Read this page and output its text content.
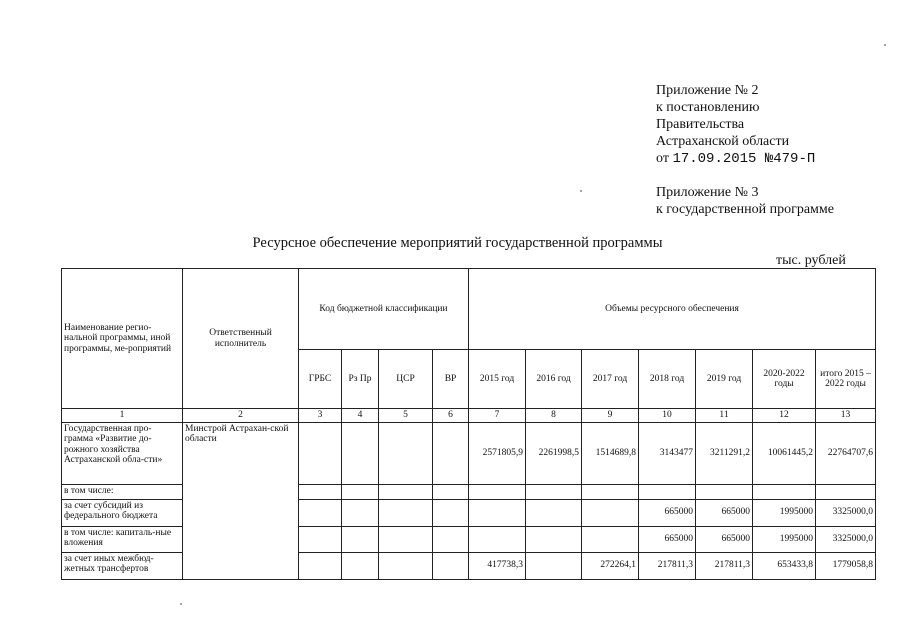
Приложение № 2
к постановлению
Правительства
Астраханской области
от 17.09.2015 №479-П
Приложение № 3
к государственной программе
Ресурсное обеспечение мероприятий государственной программы
тыс. рублей
Наименование регио-нальной программы, иной программы, ме-роприятий	Ответственный исполнитель	Код бюджетной классификации				Объемы ресурсного обеспечения						
		ГРБС	Рз Пр	ЦСР	ВР	2015 год	2016 год	2017 год	2018 год	2019 год	2020-2022 годы	итого 2015 – 2022 годы
1	2	3	4	5	6	7	8	9	10	11	12	13
Государственная про-грамма «Развитие до-рожного хозяйства Астраханской обла-сти»	Минстрой Астрахан-ской области					2571805,9	2261998,5	1514689,8	3143477	3211291,2	10061445,2	22764707,6
в том числе:												
за счет субсидий из федерального бюджета									665000	665000	1995000	3325000,0
в том числе: капиталь-ные вложения									665000	665000	1995000	3325000,0
за счет иных межбюд-жетных трансфертов						417738,3		272264,1	217811,3	217811,3	653433,8	1779058,8
